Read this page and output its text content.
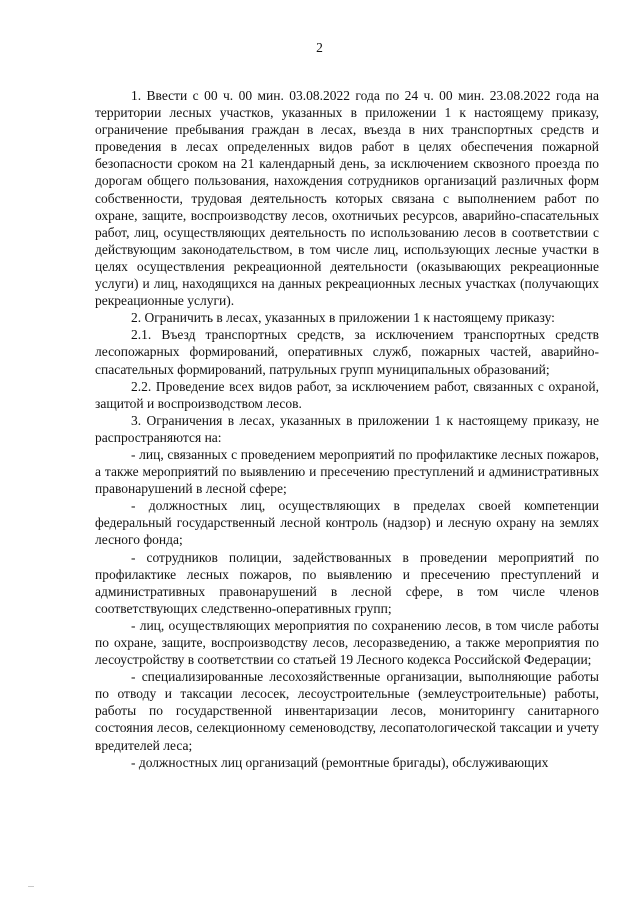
2

1. Ввести с 00 ч. 00 мин. 03.08.2022 года по 24 ч. 00 мин. 23.08.2022 года на территории лесных участков, указанных в приложении 1 к настоящему приказу, ограничение пребывания граждан в лесах, въезда в них транспортных средств и проведения в лесах определенных видов работ в целях обеспечения пожарной безопасности сроком на 21 календарный день, за исключением сквозного проезда по дорогам общего пользования, нахождения сотрудников организаций различных форм собственности, трудовая деятельность которых связана с выполнением работ по охране, защите, воспроизводству лесов, охотничьих ресурсов, аварийно-спасательных работ, лиц, осуществляющих деятельность по использованию лесов в соответствии с действующим законодательством, в том числе лиц, использующих лесные участки в целях осуществления рекреационной деятельности (оказывающих рекреационные услуги) и лиц, находящихся на данных рекреационных лесных участках (получающих рекреационные услуги).

2. Ограничить в лесах, указанных в приложении 1 к настоящему приказу:

2.1. Въезд транспортных средств, за исключением транспортных средств лесопожарных формирований, оперативных служб, пожарных частей, аварийно-спасательных формирований, патрульных групп муниципальных образований;

2.2. Проведение всех видов работ, за исключением работ, связанных с охраной, защитой и воспроизводством лесов.

3. Ограничения в лесах, указанных в приложении 1 к настоящему приказу, не распространяются на:

- лиц, связанных с проведением мероприятий по профилактике лесных пожаров, а также мероприятий по выявлению и пресечению преступлений и административных правонарушений в лесной сфере;

- должностных лиц, осуществляющих в пределах своей компетенции федеральный государственный лесной контроль (надзор) и лесную охрану на землях лесного фонда;

- сотрудников полиции, задействованных в проведении мероприятий по профилактике лесных пожаров, по выявлению и пресечению преступлений и административных правонарушений в лесной сфере, в том числе членов соответствующих следственно-оперативных групп;

- лиц, осуществляющих мероприятия по сохранению лесов, в том числе работы по охране, защите, воспроизводству лесов, лесоразведению, а также мероприятия по лесоустройству в соответствии со статьей 19 Лесного кодекса Российской Федерации;

- специализированные лесохозяйственные организации, выполняющие работы по отводу и таксации лесосек, лесоустроительные (землеустроительные) работы, работы по государственной инвентаризации лесов, мониторингу санитарного состояния лесов, селекционному семеноводству, лесопатологической таксации и учету вредителей леса;

- должностных лиц организаций (ремонтные бригады), обслуживающих
